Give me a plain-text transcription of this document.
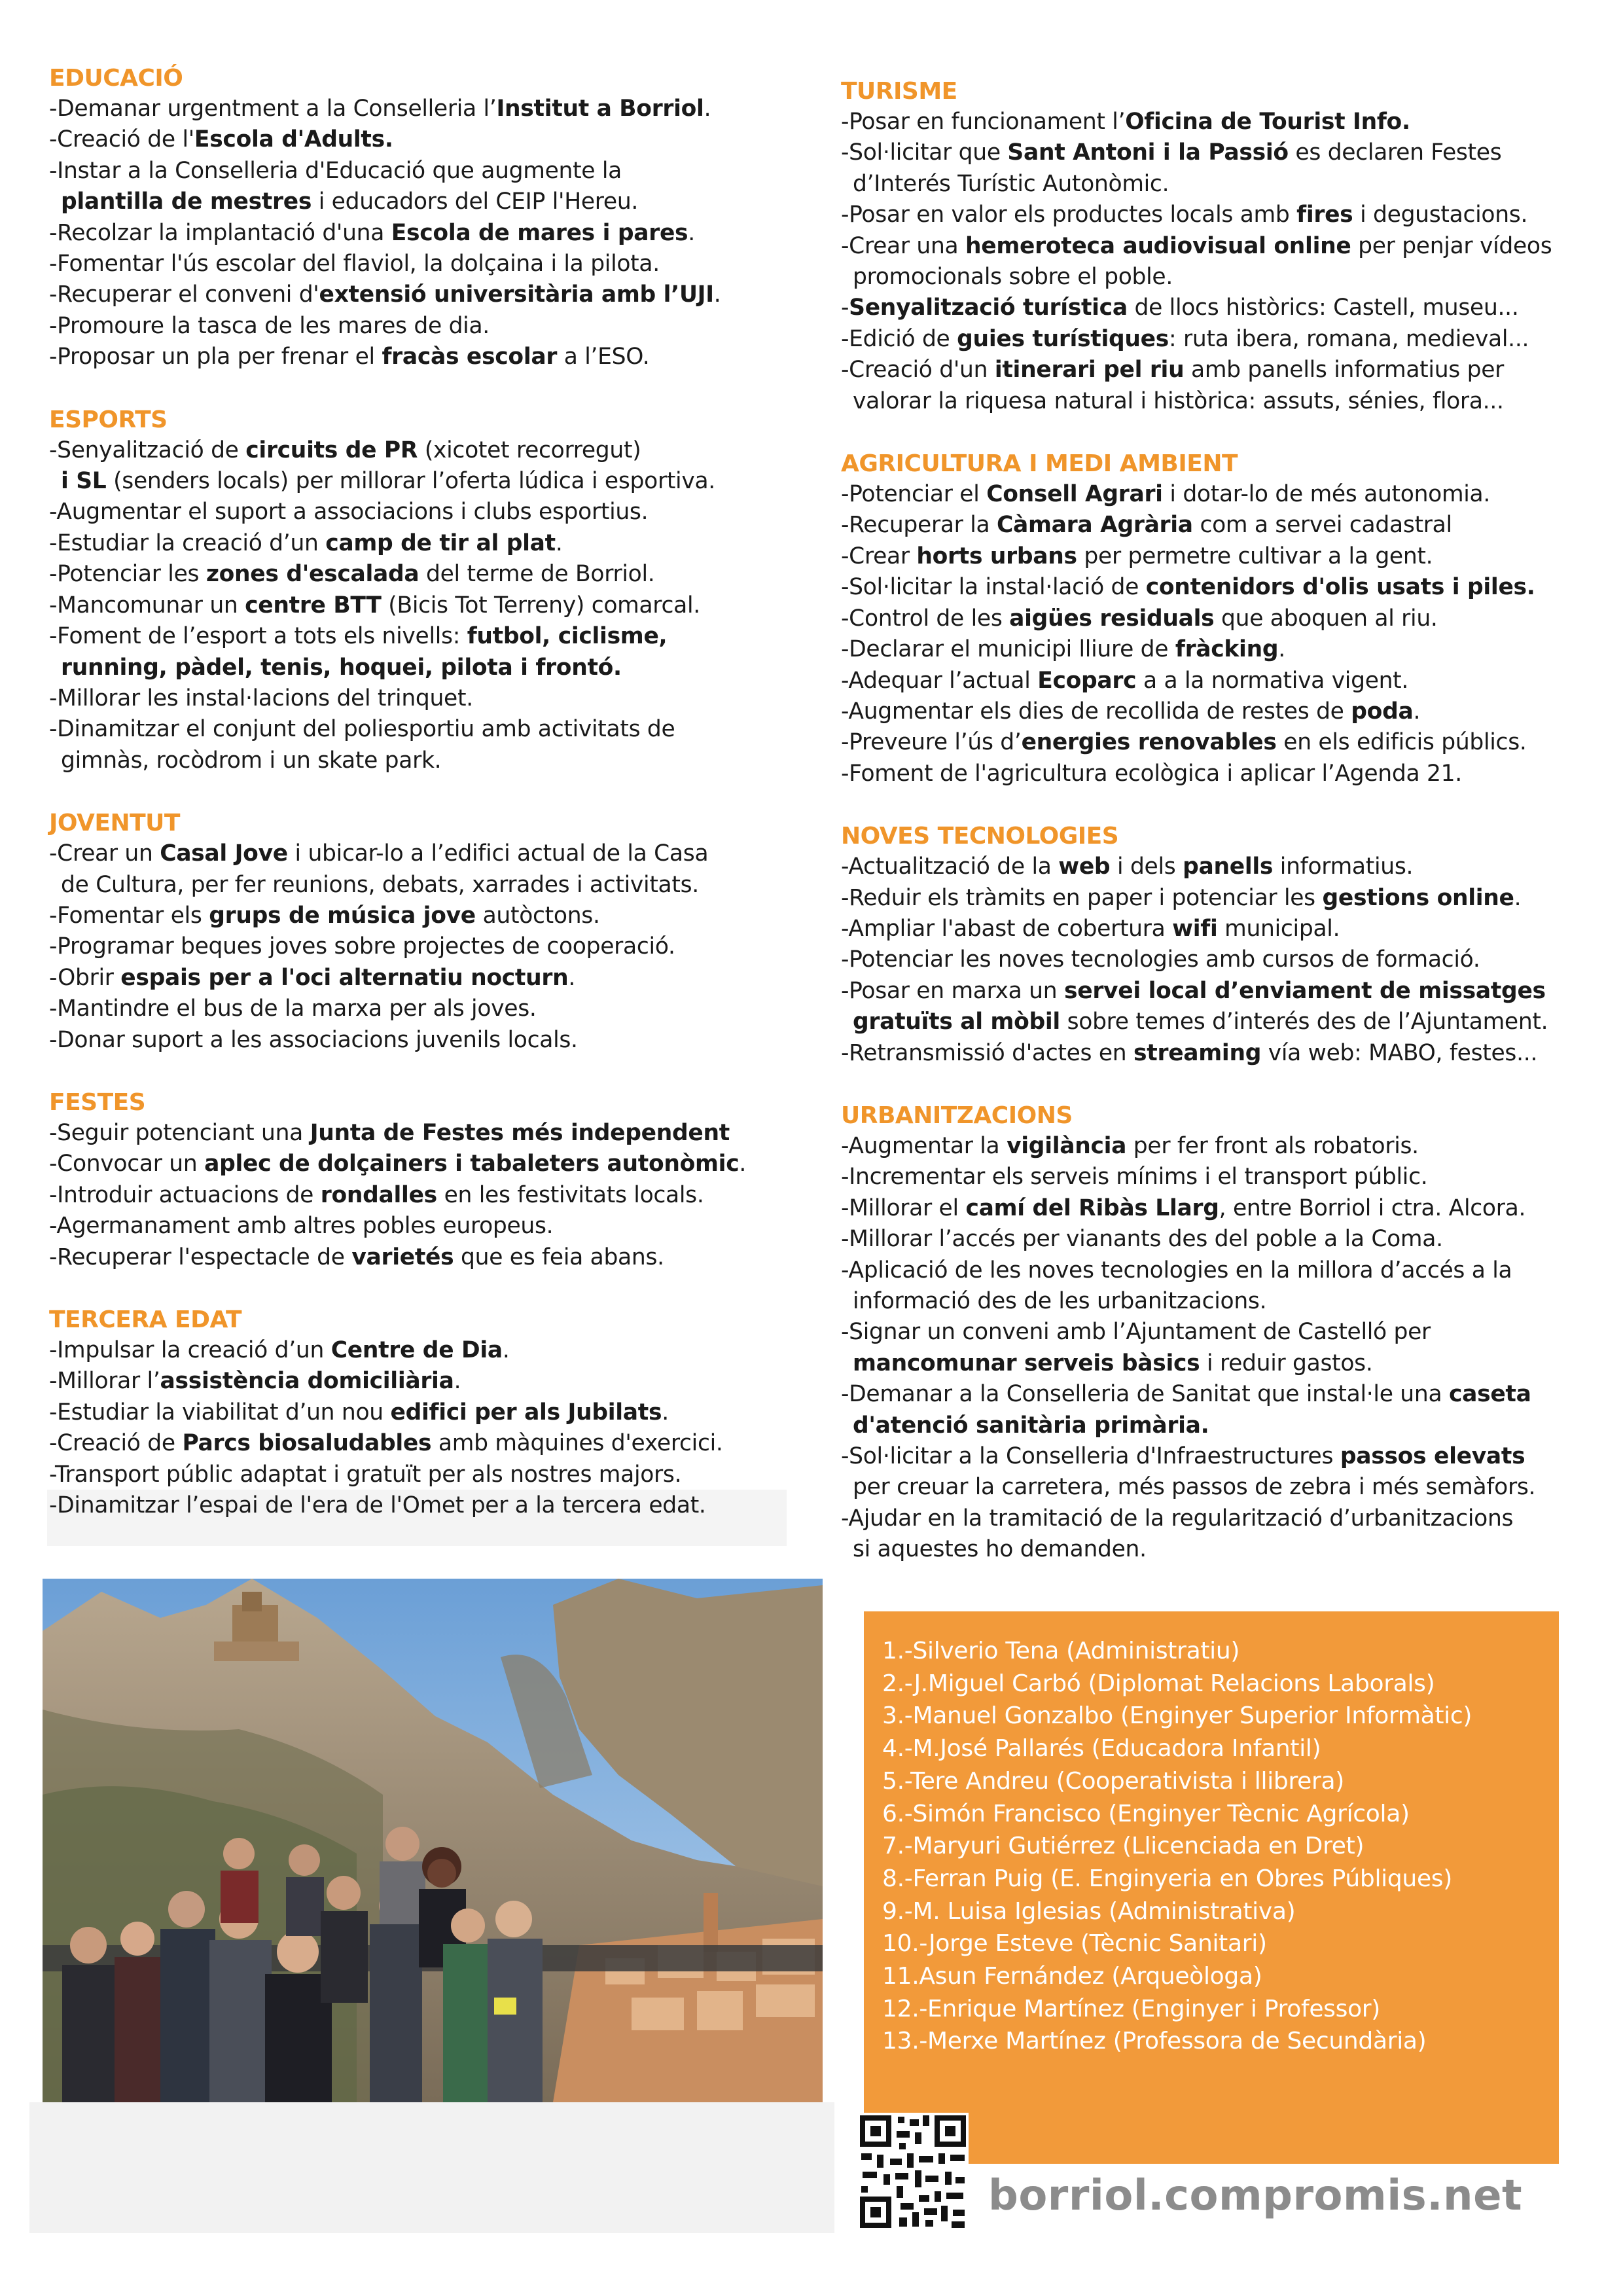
EDUCACIÓ
-Demanar urgentment a la Conselleria l’Institut a Borriol.
-Creació de l'Escola d'Adults.
-Instar a la Conselleria d'Educació que augmente la
plantilla de mestres i educadors del CEIP l'Hereu.
-Recolzar la implantació d'una Escola de mares i pares.
-Fomentar l'ús escolar del flaviol, la dolçaina i la pilota.
-Recuperar el conveni d'extensió universitària amb l’UJI.
-Promoure la tasca de les mares de dia.
-Proposar un pla per frenar el fracàs escolar a l’ESO.
ESPORTS
-Senyalització de circuits de PR (xicotet recorregut)
i SL (senders locals) per millorar l’oferta lúdica i esportiva.
-Augmentar el suport a associacions i clubs esportius.
-Estudiar la creació d’un camp de tir al plat.
-Potenciar les zones d'escalada del terme de Borriol.
-Mancomunar un centre BTT (Bicis Tot Terreny) comarcal.
-Foment de l’esport a tots els nivells: futbol, ciclisme,
running, pàdel, tenis, hoquei, pilota i frontó.
-Millorar les instal·lacions del trinquet.
-Dinamitzar el conjunt del poliesportiu amb activitats de
gimnàs, rocòdrom i un skate park.
JOVENTUT
-Crear un Casal Jove i ubicar-lo a l’edifici actual de la Casa
de Cultura, per fer reunions, debats, xarrades i activitats.
-Fomentar els grups de música jove autòctons.
-Programar beques joves sobre projectes de cooperació.
-Obrir espais per a l'oci alternatiu nocturn.
-Mantindre el bus de la marxa per als joves.
-Donar suport a les associacions juvenils locals.
FESTES
-Seguir potenciant una Junta de Festes més independent
-Convocar un aplec de dolçainers i tabaleters autonòmic.
-Introduir actuacions de rondalles en les festivitats locals.
-Agermanament amb altres pobles europeus.
-Recuperar l'espectacle de varietés que es feia abans.
TERCERA EDAT
-Impulsar la creació d’un Centre de Dia.
-Millorar l’assistència domiciliària.
-Estudiar la viabilitat d’un nou edifici per als Jubilats.
-Creació de Parcs biosaludables amb màquines d'exercici.
-Transport públic adaptat i gratuït per als nostres majors.
-Dinamitzar l’espai de l'era de l'Omet per a la tercera edat.
TURISME
-Posar en funcionament l’Oficina de Tourist Info.
-Sol·licitar que Sant Antoni i la Passió es declaren Festes
d’Interés Turístic Autonòmic.
-Posar en valor els productes locals amb fires i degustacions.
-Crear una hemeroteca audiovisual online per penjar vídeos
promocionals sobre el poble.
-Senyalització turística de llocs històrics: Castell, museu...
-Edició de guies turístiques: ruta ibera, romana, medieval...
-Creació d'un itinerari pel riu amb panells informatius per
valorar la riquesa natural i històrica: assuts, sénies, flora...
AGRICULTURA I MEDI AMBIENT
-Potenciar el Consell Agrari i dotar-lo de més autonomia.
-Recuperar la Càmara Agrària com a servei cadastral
-Crear horts urbans per permetre cultivar a la gent.
-Sol·licitar la instal·lació de contenidors d'olis usats i piles.
-Control de les aigües residuals que aboquen al riu.
-Declarar el municipi lliure de fràcking.
-Adequar l’actual Ecoparc a a la normativa vigent.
-Augmentar els dies de recollida de restes de poda.
-Preveure l’ús d’energies renovables en els edificis públics.
-Foment de l'agricultura ecològica i aplicar l’Agenda 21.
NOVES TECNOLOGIES
-Actualització de la web i dels panells informatius.
-Reduir els tràmits en paper i potenciar les gestions online.
-Ampliar l'abast de cobertura wifi municipal.
-Potenciar les noves tecnologies amb cursos de formació.
-Posar en marxa un servei local d’enviament de missatges
gratuïts al mòbil sobre temes d’interés des de l’Ajuntament.
-Retransmissió d'actes en streaming vía web: MABO, festes...
URBANITZACIONS
-Augmentar la vigilància per fer front als robatoris.
-Incrementar els serveis mínims i el transport públic.
-Millorar el camí del Ribàs Llarg, entre Borriol i ctra. Alcora.
-Millorar l’accés per vianants des del poble a la Coma.
-Aplicació de les noves tecnologies en la millora d’accés a la
informació des de les urbanitzacions.
-Signar un conveni amb l’Ajuntament de Castelló per
mancomunar serveis bàsics i reduir gastos.
-Demanar a la Conselleria de Sanitat que instal·le una caseta
d'atenció sanitària primària.
-Sol·licitar a la Conselleria d'Infraestructures passos elevats
per creuar la carretera, més passos de zebra i més semàfors.
-Ajudar en la tramitació de la regularització d’urbanitzacions
si aquestes ho demanden.
1.-Silverio Tena (Administratiu)
2.-J.Miguel Carbó (Diplomat Relacions Laborals)
3.-Manuel Gonzalbo (Enginyer Superior Informàtic)
4.-M.José Pallarés (Educadora Infantil)
5.-Tere Andreu (Cooperativista i llibrera)
6.-Simón Francisco (Enginyer Tècnic Agrícola)
7.-Maryuri Gutiérrez (Llicenciada en Dret)
8.-Ferran Puig (E. Enginyeria en Obres Públiques)
9.-M. Luisa Iglesias (Administrativa)
10.-Jorge Esteve (Tècnic Sanitari)
11.Asun Fernández (Arqueòloga)
12.-Enrique Martínez (Enginyer i Professor)
13.-Merxe Martínez (Professora de Secundària)
borriol.compromis.net
